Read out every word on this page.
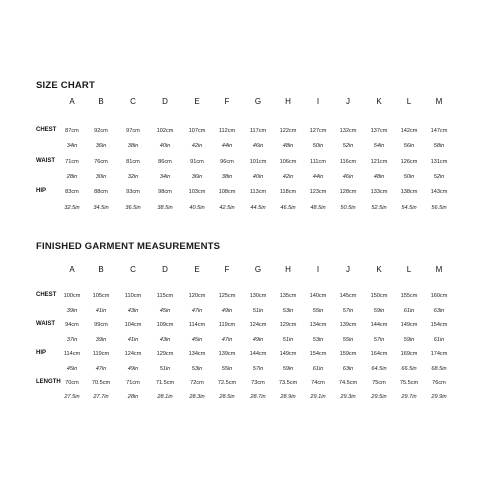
SIZE CHART
A	B	C	D	E	F	G	H	I	J	K	L	M
CHEST 87cm	92cm	97cm	102cm	107cm 112cm	117cm 122cm 127cm 132cm	137cm 142cm 147cm
34in	36in	38in	40in	42in	44in	46in	48in	50in	52in	54in	56in	58in
WAIST 71cm	76cm	81cm	86cm	91cm	96cm	101cm 106cm 111cm 116cm	121cm 126cm 131cm
28in	30in	32in	34in	36in	38in	40in	42in	44in	46in	48in	50in	52in
HIP	83cm	88cm	93cm	98cm	103cm 108cm	113cm 118cm 123cm 128cm	133cm 138cm 143cm
32.5in 34.5in	36.5in	38.5in	40.5in	42.5in	44.5in	46.5in	48.5in	50.5in	52.5in	54.5in	56.5in
FINISHED GARMENT MEASUREMENTS
A	B	C	D	E	F	G	H	I	J	K	L	M
CHEST 100cm 105cm	110cm	115cm	120cm 125cm	130cm 135cm 140cm 145cm	150cm 155cm 160cm
39in	41in	43in	45in	47in	49in	51in	53in	55in	57in	59in	61in	63in
WAIST 94cm	99cm	104cm	109cm	114cm 119cm	124cm 129cm 134cm 139cm	144cm 149cm 154cm
37in	39in	41in	43in	45in	47in	49in	51in	53in	55in	57in	59in	61in
HIP	114cm 119cm	124cm	129cm	134cm 139cm	144cm 149cm 154cm 159cm	164cm 169cm 174cm
45in	47in	49in	51in	53in	55in	57in	59in	61in	63in	64.5in	66.5in	68.5in
LENGTH 70cm 70.5cm	71cm	71.5cm	72cm 72.5cm	73cm 73.5cm 74cm 74.5cm	75cm 75.5cm 76cm
27.5in 27.7in	28in	28.1in	28.3in	28.5in	28.7in	28.9in	29.1in	29.3in	29.5in	29.7in	29.9in
